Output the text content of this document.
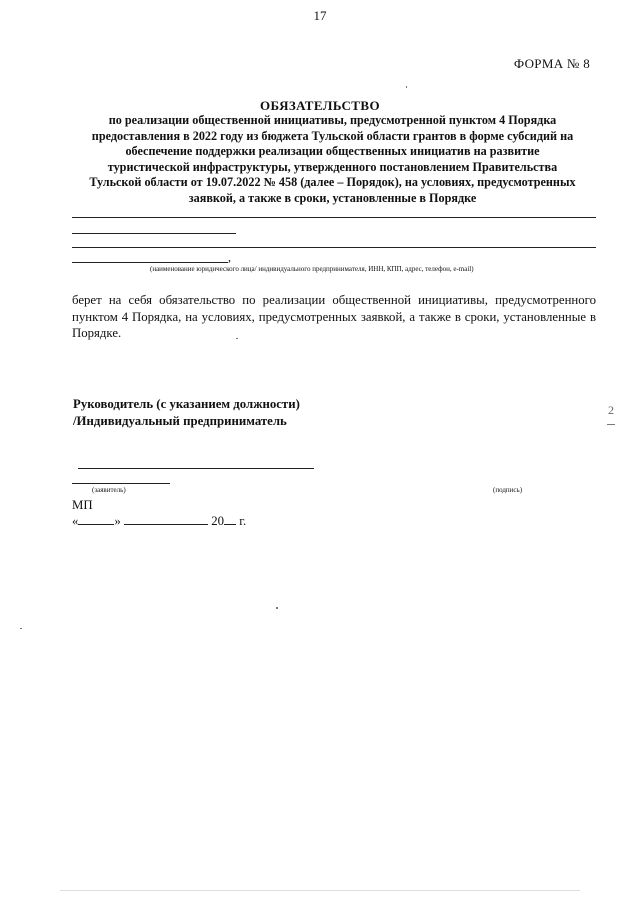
17
ФОРМА № 8
ОБЯЗАТЕЛЬСТВО
по реализации общественной инициативы, предусмотренной пунктом 4 Порядка
предоставления в 2022 году из бюджета Тульской области грантов в форме субсидий на
обеспечение поддержки реализации общественных инициатив на развитие
туристической инфраструктуры, утвержденного постановлением Правительства
Тульской области от 19.07.2022 № 458 (далее – Порядок), на условиях, предусмотренных
заявкой, а также в сроки, установленные в Порядке
,
(наименование юридического лица/ индивидуального предпринимателя, ИНН, КПП, адрес, телефон, e-mail)
берет на себя обязательство по реализации общественной инициативы, предусмотренного пунктом 4 Порядка, на условиях, предусмотренных заявкой, а также в сроки, установленные в Порядке.
Руководитель (с указанием должности)
/Индивидуальный предприниматель
2
(заявитель)	(подпись)
МП
«	»	20 г.
